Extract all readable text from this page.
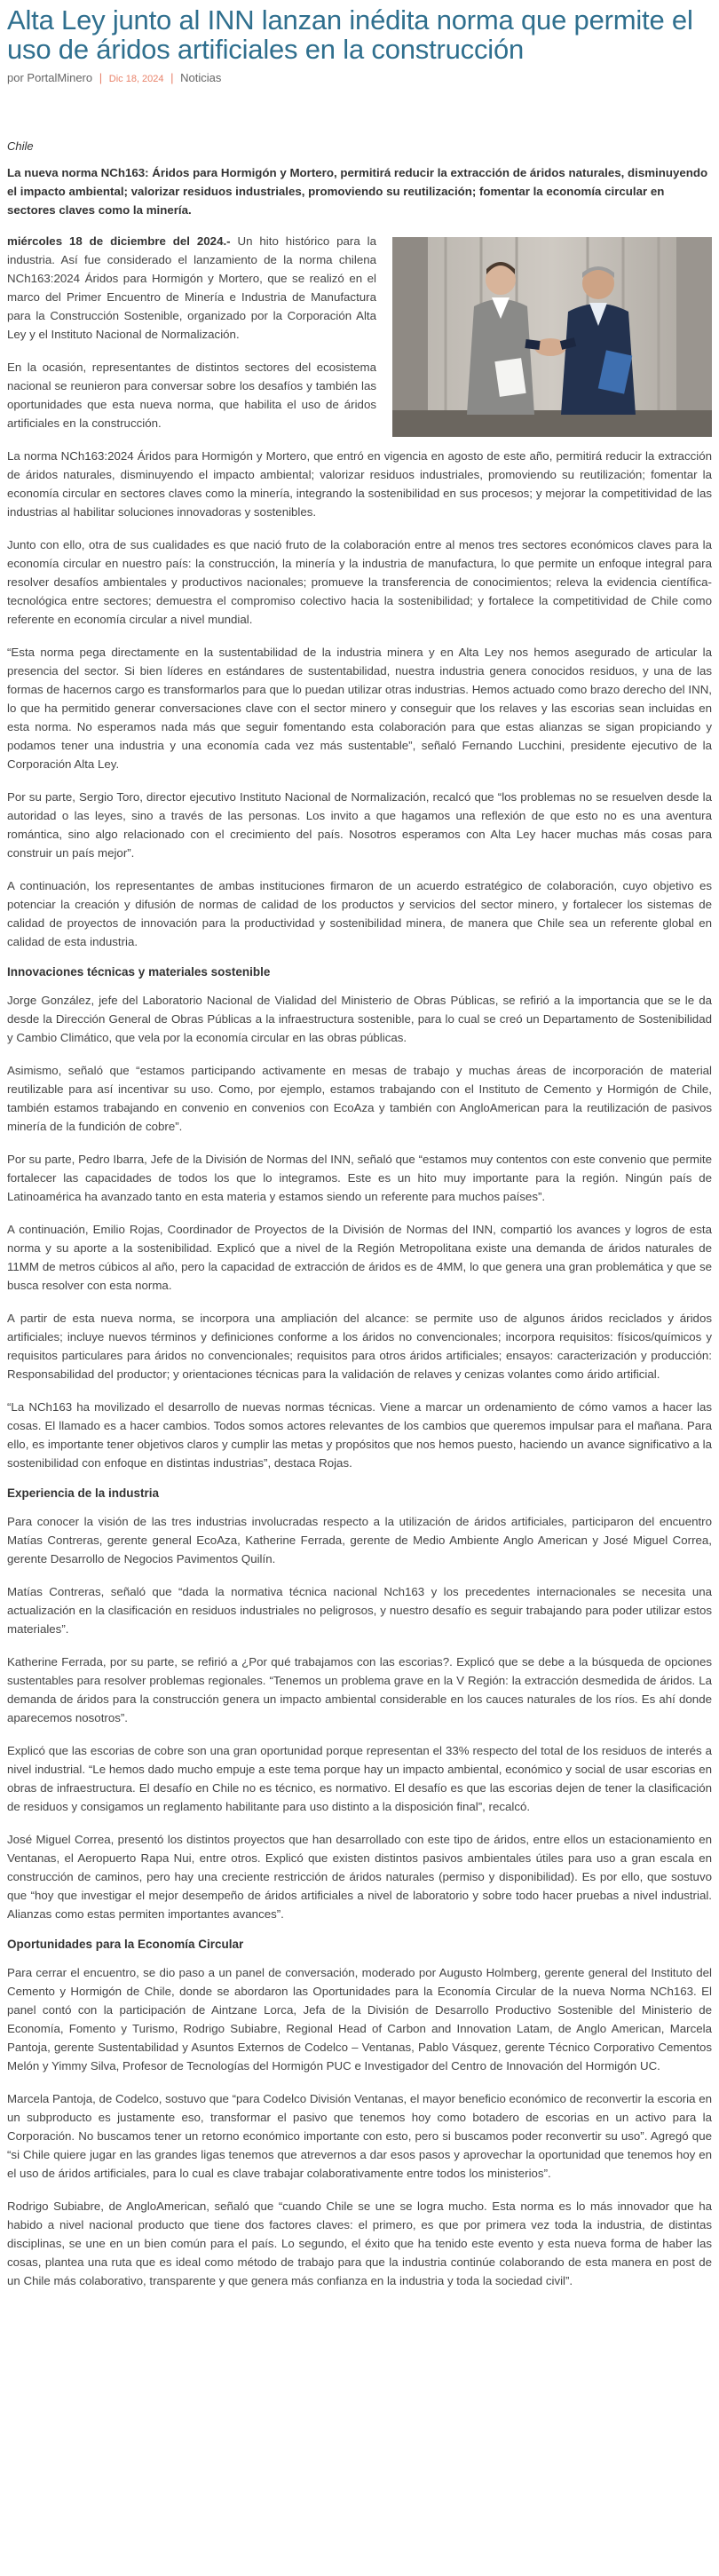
Alta Ley junto al INN lanzan inédita norma que permite el uso de áridos artificiales en la construcción
por PortalMinero | Dic 18, 2024 | Noticias
Chile
La nueva norma NCh163: Áridos para Hormigón y Mortero, permitirá reducir la extracción de áridos naturales, disminuyendo el impacto ambiental; valorizar residuos industriales, promoviendo su reutilización; fomentar la economía circular en sectores claves como la minería.

miércoles 18 de diciembre del 2024.- Un hito histórico para la industria. Así fue considerado el lanzamiento de la norma chilena NCh163:2024 Áridos para Hormigón y Mortero, que se realizó en el marco del Primer Encuentro de Minería e Industria de Manufactura para la Construcción Sostenible, organizado por la Corporación Alta Ley y el Instituto Nacional de Normalización.

En la ocasión, representantes de distintos sectores del ecosistema nacional se reunieron para conversar sobre los desafíos y también las oportunidades que esta nueva norma, que habilita el uso de áridos artificiales en la construcción.

La norma NCh163:2024 Áridos para Hormigón y Mortero, que entró en vigencia en agosto de este año, permitirá reducir la extracción de áridos naturales, disminuyendo el impacto ambiental; valorizar residuos industriales, promoviendo su reutilización; fomentar la economía circular en sectores claves como la minería, integrando la sostenibilidad en sus procesos; y mejorar la competitividad de las industrias al habilitar soluciones innovadoras y sostenibles.

Junto con ello, otra de sus cualidades es que nació fruto de la colaboración entre al menos tres sectores económicos claves para la economía circular en nuestro país: la construcción, la minería y la industria de manufactura, lo que permite un enfoque integral para resolver desafíos ambientales y productivos nacionales; promueve la transferencia de conocimientos; releva la evidencia científica-tecnológica entre sectores; demuestra el compromiso colectivo hacia la sostenibilidad; y fortalece la competitividad de Chile como referente en economía circular a nivel mundial.

“Esta norma pega directamente en la sustentabilidad de la industria minera y en Alta Ley nos hemos asegurado de articular la presencia del sector. Si bien líderes en estándares de sustentabilidad, nuestra industria genera conocidos residuos, y una de las formas de hacernos cargo es transformarlos para que lo puedan utilizar otras industrias. Hemos actuado como brazo derecho del INN, lo que ha permitido generar conversaciones clave con el sector minero y conseguir que los relaves y las escorias sean incluidas en esta norma. No esperamos nada más que seguir fomentando esta colaboración para que estas alianzas se sigan propiciando y podamos tener una industria y una economía cada vez más sustentable”, señaló Fernando Lucchini, presidente ejecutivo de la Corporación Alta Ley.

Por su parte, Sergio Toro, director ejecutivo Instituto Nacional de Normalización, recalcó que “los problemas no se resuelven desde la autoridad o las leyes, sino a través de las personas. Los invito a que hagamos una reflexión de que esto no es una aventura romántica, sino algo relacionado con el crecimiento del país. Nosotros esperamos con Alta Ley hacer muchas más cosas para construir un país mejor”.

A continuación, los representantes de ambas instituciones firmaron de un acuerdo estratégico de colaboración, cuyo objetivo es potenciar la creación y difusión de normas de calidad de los productos y servicios del sector minero, y fortalecer los sistemas de calidad de proyectos de innovación para la productividad y sostenibilidad minera, de manera que Chile sea un referente global en calidad de esta industria.

Innovaciones técnicas y materiales sostenible

Jorge González, jefe del Laboratorio Nacional de Vialidad del Ministerio de Obras Públicas, se refirió a la importancia que se le da desde la Dirección General de Obras Públicas a la infraestructura sostenible, para lo cual se creó un Departamento de Sostenibilidad y Cambio Climático, que vela por la economía circular en las obras públicas.

Asimismo, señaló que “estamos participando activamente en mesas de trabajo y muchas áreas de incorporación de material reutilizable para así incentivar su uso. Como, por ejemplo, estamos trabajando con el Instituto de Cemento y Hormigón de Chile, también estamos trabajando en convenio en convenios con EcoAza y también con AngloAmerican para la reutilización de pasivos minería de la fundición de cobre”.

Por su parte, Pedro Ibarra, Jefe de la División de Normas del INN, señaló que “estamos muy contentos con este convenio que permite fortalecer las capacidades de todos los que lo integramos. Este es un hito muy importante para la región. Ningún país de Latinoamérica ha avanzado tanto en esta materia y estamos siendo un referente para muchos países”.

A continuación, Emilio Rojas, Coordinador de Proyectos de la División de Normas del INN, compartió los avances y logros de esta norma y su aporte a la sostenibilidad. Explicó que a nivel de la Región Metropolitana existe una demanda de áridos naturales de 11MM de metros cúbicos al año, pero la capacidad de extracción de áridos es de 4MM, lo que genera una gran problemática y que se busca resolver con esta norma.

A partir de esta nueva norma, se incorpora una ampliación del alcance: se permite uso de algunos áridos reciclados y áridos artificiales; incluye nuevos términos y definiciones conforme a los áridos no convencionales; incorpora requisitos: físicos/químicos y requisitos particulares para áridos no convencionales; requisitos para otros áridos artificiales; ensayos: caracterización y producción: Responsabilidad del productor; y orientaciones técnicas para la validación de relaves y cenizas volantes como árido artificial.

“La NCh163 ha movilizado el desarrollo de nuevas normas técnicas. Viene a marcar un ordenamiento de cómo vamos a hacer las cosas. El llamado es a hacer cambios. Todos somos actores relevantes de los cambios que queremos impulsar para el mañana. Para ello, es importante tener objetivos claros y cumplir las metas y propósitos que nos hemos puesto, haciendo un avance significativo a la sostenibilidad con enfoque en distintas industrias”, destaca Rojas.

Experiencia de la industria

Para conocer la visión de las tres industrias involucradas respecto a la utilización de áridos artificiales, participaron del encuentro Matías Contreras, gerente general EcoAza, Katherine Ferrada, gerente de Medio Ambiente Anglo American y José Miguel Correa, gerente Desarrollo de Negocios Pavimentos Quilín.

Matías Contreras, señaló que “dada la normativa técnica nacional Nch163 y los precedentes internacionales se necesita una actualización en la clasificación en residuos industriales no peligrosos, y nuestro desafío es seguir trabajando para poder utilizar estos materiales”.

Katherine Ferrada, por su parte, se refirió a ¿Por qué trabajamos con las escorias?. Explicó que se debe a la búsqueda de opciones sustentables para resolver problemas regionales. “Tenemos un problema grave en la V Región: la extracción desmedida de áridos. La demanda de áridos para la construcción genera un impacto ambiental considerable en los cauces naturales de los ríos. Es ahí donde aparecemos nosotros”.

Explicó que las escorias de cobre son una gran oportunidad porque representan el 33% respecto del total de los residuos de interés a nivel industrial. “Le hemos dado mucho empuje a este tema porque hay un impacto ambiental, económico y social de usar escorias en obras de infraestructura. El desafío en Chile no es técnico, es normativo. El desafío es que las escorias dejen de tener la clasificación de residuos y consigamos un reglamento habilitante para uso distinto a la disposición final”, recalcó.

José Miguel Correa, presentó los distintos proyectos que han desarrollado con este tipo de áridos, entre ellos un estacionamiento en Ventanas, el Aeropuerto Rapa Nui, entre otros. Explicó que existen distintos pasivos ambientales útiles para uso a gran escala en construcción de caminos, pero hay una creciente restricción de áridos naturales (permiso y disponibilidad). Es por ello, que sostuvo que “hoy que investigar el mejor desempeño de áridos artificiales a nivel de laboratorio y sobre todo hacer pruebas a nivel industrial. Alianzas como estas permiten importantes avances”.

Oportunidades para la Economía Circular

Para cerrar el encuentro, se dio paso a un panel de conversación, moderado por Augusto Holmberg, gerente general del Instituto del Cemento y Hormigón de Chile, donde se abordaron las Oportunidades para la Economía Circular de la nueva Norma NCh163. El panel contó con la participación de Aintzane Lorca, Jefa de la División de Desarrollo Productivo Sostenible del Ministerio de Economía, Fomento y Turismo, Rodrigo Subiabre, Regional Head of Carbon and Innovation Latam, de Anglo American, Marcela Pantoja, gerente Sustentabilidad y Asuntos Externos de Codelco – Ventanas, Pablo Vásquez, gerente Técnico Corporativo Cementos Melón y Yimmy Silva, Profesor de Tecnologías del Hormigón PUC e Investigador del Centro de Innovación del Hormigón UC.

Marcela Pantoja, de Codelco, sostuvo que “para Codelco División Ventanas, el mayor beneficio económico de reconvertir la escoria en un subproducto es justamente eso, transformar el pasivo que tenemos hoy como botadero de escorias en un activo para la Corporación. No buscamos tener un retorno económico importante con esto, pero si buscamos poder reconvertir su uso”. Agregó que “si Chile quiere jugar en las grandes ligas tenemos que atrevernos a dar esos pasos y aprovechar la oportunidad que tenemos hoy en el uso de áridos artificiales, para lo cual es clave trabajar colaborativamente entre todos los ministerios”.

Rodrigo Subiabre, de AngloAmerican, señaló que “cuando Chile se une se logra mucho. Esta norma es lo más innovador que ha habido a nivel nacional producto que tiene dos factores claves: el primero, es que por primera vez toda la industria, de distintas disciplinas, se une en un bien común para el país. Lo segundo, el éxito que ha tenido este evento y esta nueva forma de haber las cosas, plantea una ruta que es ideal como método de trabajo para que la industria continúe colaborando de esta manera en post de un Chile más colaborativo, transparente y que genera más confianza en la industria y toda la sociedad civil”.
